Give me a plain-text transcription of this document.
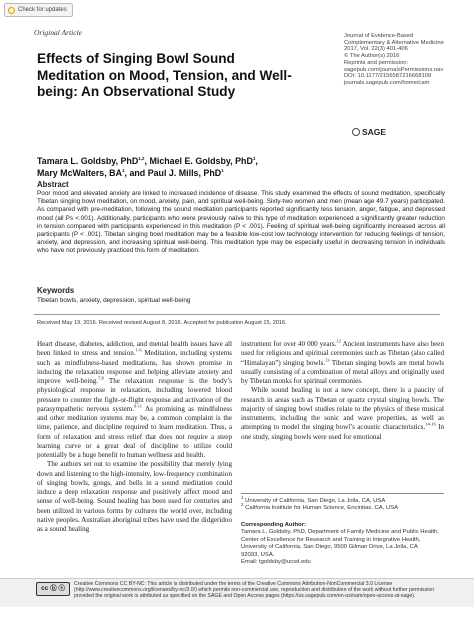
Check for updates
Original Article
Effects of Singing Bowl Sound Meditation on Mood, Tension, and Well-being: An Observational Study
Journal of Evidence-Based
Complementary & Alternative Medicine
2017, Vol. 22(3) 401-406
© The Author(s) 2016
Reprints and permission:
sagepub.com/journalsPermissions.nav
DOI: 10.1177/2156587216668109
journals.sagepub.com/home/cam
SAGE
Tamara L. Goldsby, PhD$^{1,2}$, Michael E. Goldsby, PhD$^1$,
Mary McWalters, $BA^1$, and Paul J. Mills, PhD$^1$
Abstract
Poor mood and elevated anxiety are linked to increased incidence of disease. This study examined the effects of sound meditation, specifically Tibetan singing bowl meditation, on mood, anxiety, pain, and spiritual well-being. Sixty-two women and men (mean age 49.7 years) participated. As compared with pre-meditation, following the sound meditation participants reported significantly less tension, anger, fatigue, and depressed mood (all Ps <.001). Additionally, participants who were previously naïve to this type of meditation experienced a significantly greater reduction in tension compared with participants experienced in this meditation (P < .001). Feeling of spiritual well-being significantly increased across all participants (P < .001). Tibetan singing bowl meditation may be a feasible low-cost low technology intervention for reducing feelings of tension, anxiety, and depression, and increasing spiritual well-being. This meditation type may be especially useful in decreasing tension in individuals who have not previously practiced this form of meditation.
Keywords
Tibetan bowls, anxiety, depression, spiritual well-being
Received May 19, 2016. Received revised August 8, 2016. Accepted for publication August 15, 2016.

Heart disease, diabetes, addiction, and mental health issues have all been linked to stress and tension.$^{1-6}$ Meditation, including systems such as mindfulness-based meditations, has shown promise in inducing the relaxation response and helping alleviate anxiety and improve well-being.$^{7,8}$ The relaxation response is the body’s physiological response in relaxation, including lowered blood pressure to counter the fight-or-flight response and activation of the parasympathetic nervous system.$^{9-11}$ As promising as mindfulness and other meditation systems may be, a common complaint is the time, patience, and discipline required to learn meditation. Thus, a form of relaxation and stress relief that does not require a steep learning curve or a great deal of discipline to utilize could potentially be a huge benefit to human wellness and health.

The authors set out to examine the possibility that merely lying down and listening to the high-intensity, low-frequency combination of singing bowls, gongs, and bells in a sound meditation could induce a deep relaxation response and positively affect mood and sense of well-being. Sound healing has been used for centuries and been utilized in various forms by cultures the world over, including native peoples. Australian aboriginal tribes have used the didgeridoo as a sound healing

instrument for over 40 000 years.$^{12}$ Ancient instruments have also been used for religious and spiritual ceremonies such as Tibetan (also called “Himalayan”) singing bowls.$^{13}$ Tibetan singing bowls are metal bowls usually consisting of a combination of metal alloys and originally used by Tibetan monks for spiritual ceremonies.

While sound healing is not a new concept, there is a paucity of research in areas such as Tibetan or quartz crystal singing bowls. The majority of singing bowl studies relate to the physics of these musical instruments, including the sonic and wave properties, as well as attempting to model the singing bowl’s acoustic characteristics.$^{14-16}$ In one study, singing bowls were used for emotional

$^1$ University of California, San Diego, La Jolla, CA, USA
$^2$ California Institute for Human Science, Encinitas, CA, USA
Corresponding Author:
Tamara L. Goldsby, PhD, Department of Family Medicine and Public Health,
Center of Excellence for Research and Training in Integrative Health,
University of California, San Diego, 9500 Gilman Drive, La Jolla, CA
92093, USA.
Email: tgoldsby@ucsd.edu
cc ⓑ ⓢ
Creative Commons CC BY-NC: This article is distributed under the terms of the Creative Commons Attribution-NonCommercial 3.0 License (http://www.creativecommons.org/licenses/by-nc/3.0/) which permits non-commercial use, reproduction and distribution of the work without further permission provided the original work is attributed as specified on the SAGE and Open Access pages (https://us.sagepub.com/en-us/nam/open-access-at-sage).
